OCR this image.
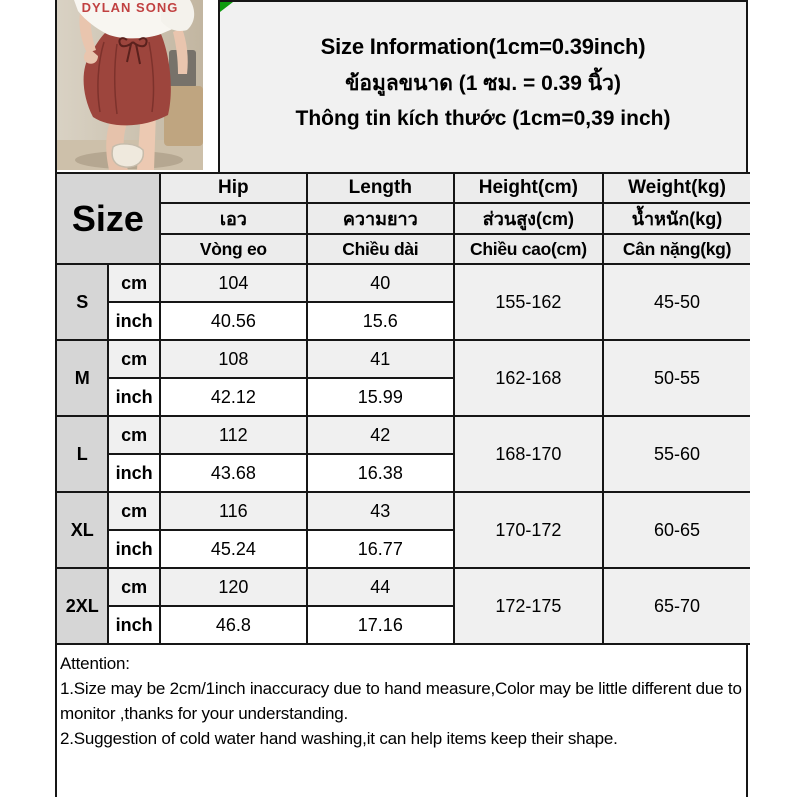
DYLAN SONG
Size Information(1cm=0.39inch)
ข้อมูลขนาด (1 ซม. = 0.39 นิ้ว)
Thông tin kích thước (1cm=0,39 inch)
Size		Hip	Length	Height(cm)	Weight(kg)
		เอว	ความยาว	ส่วนสูง(cm)	น้ำหนัก(kg)
		Vòng eo	Chiều dài	Chiều cao(cm)	Cân nặng(kg)
S	cm	104	40	155-162	45-50
	inch	40.56	15.6		
M	cm	108	41	162-168	50-55
	inch	42.12	15.99		
L	cm	112	42	168-170	55-60
	inch	43.68	16.38		
XL	cm	116	43	170-172	60-65
	inch	45.24	16.77		
2XL	cm	120	44	172-175	65-70
	inch	46.8	17.16		
Attention:
1.Size may be 2cm/1inch inaccuracy due to hand measure,Color may be little different due to monitor ,thanks for your understanding.
2.Suggestion of cold water hand washing,it can help items keep their shape.
